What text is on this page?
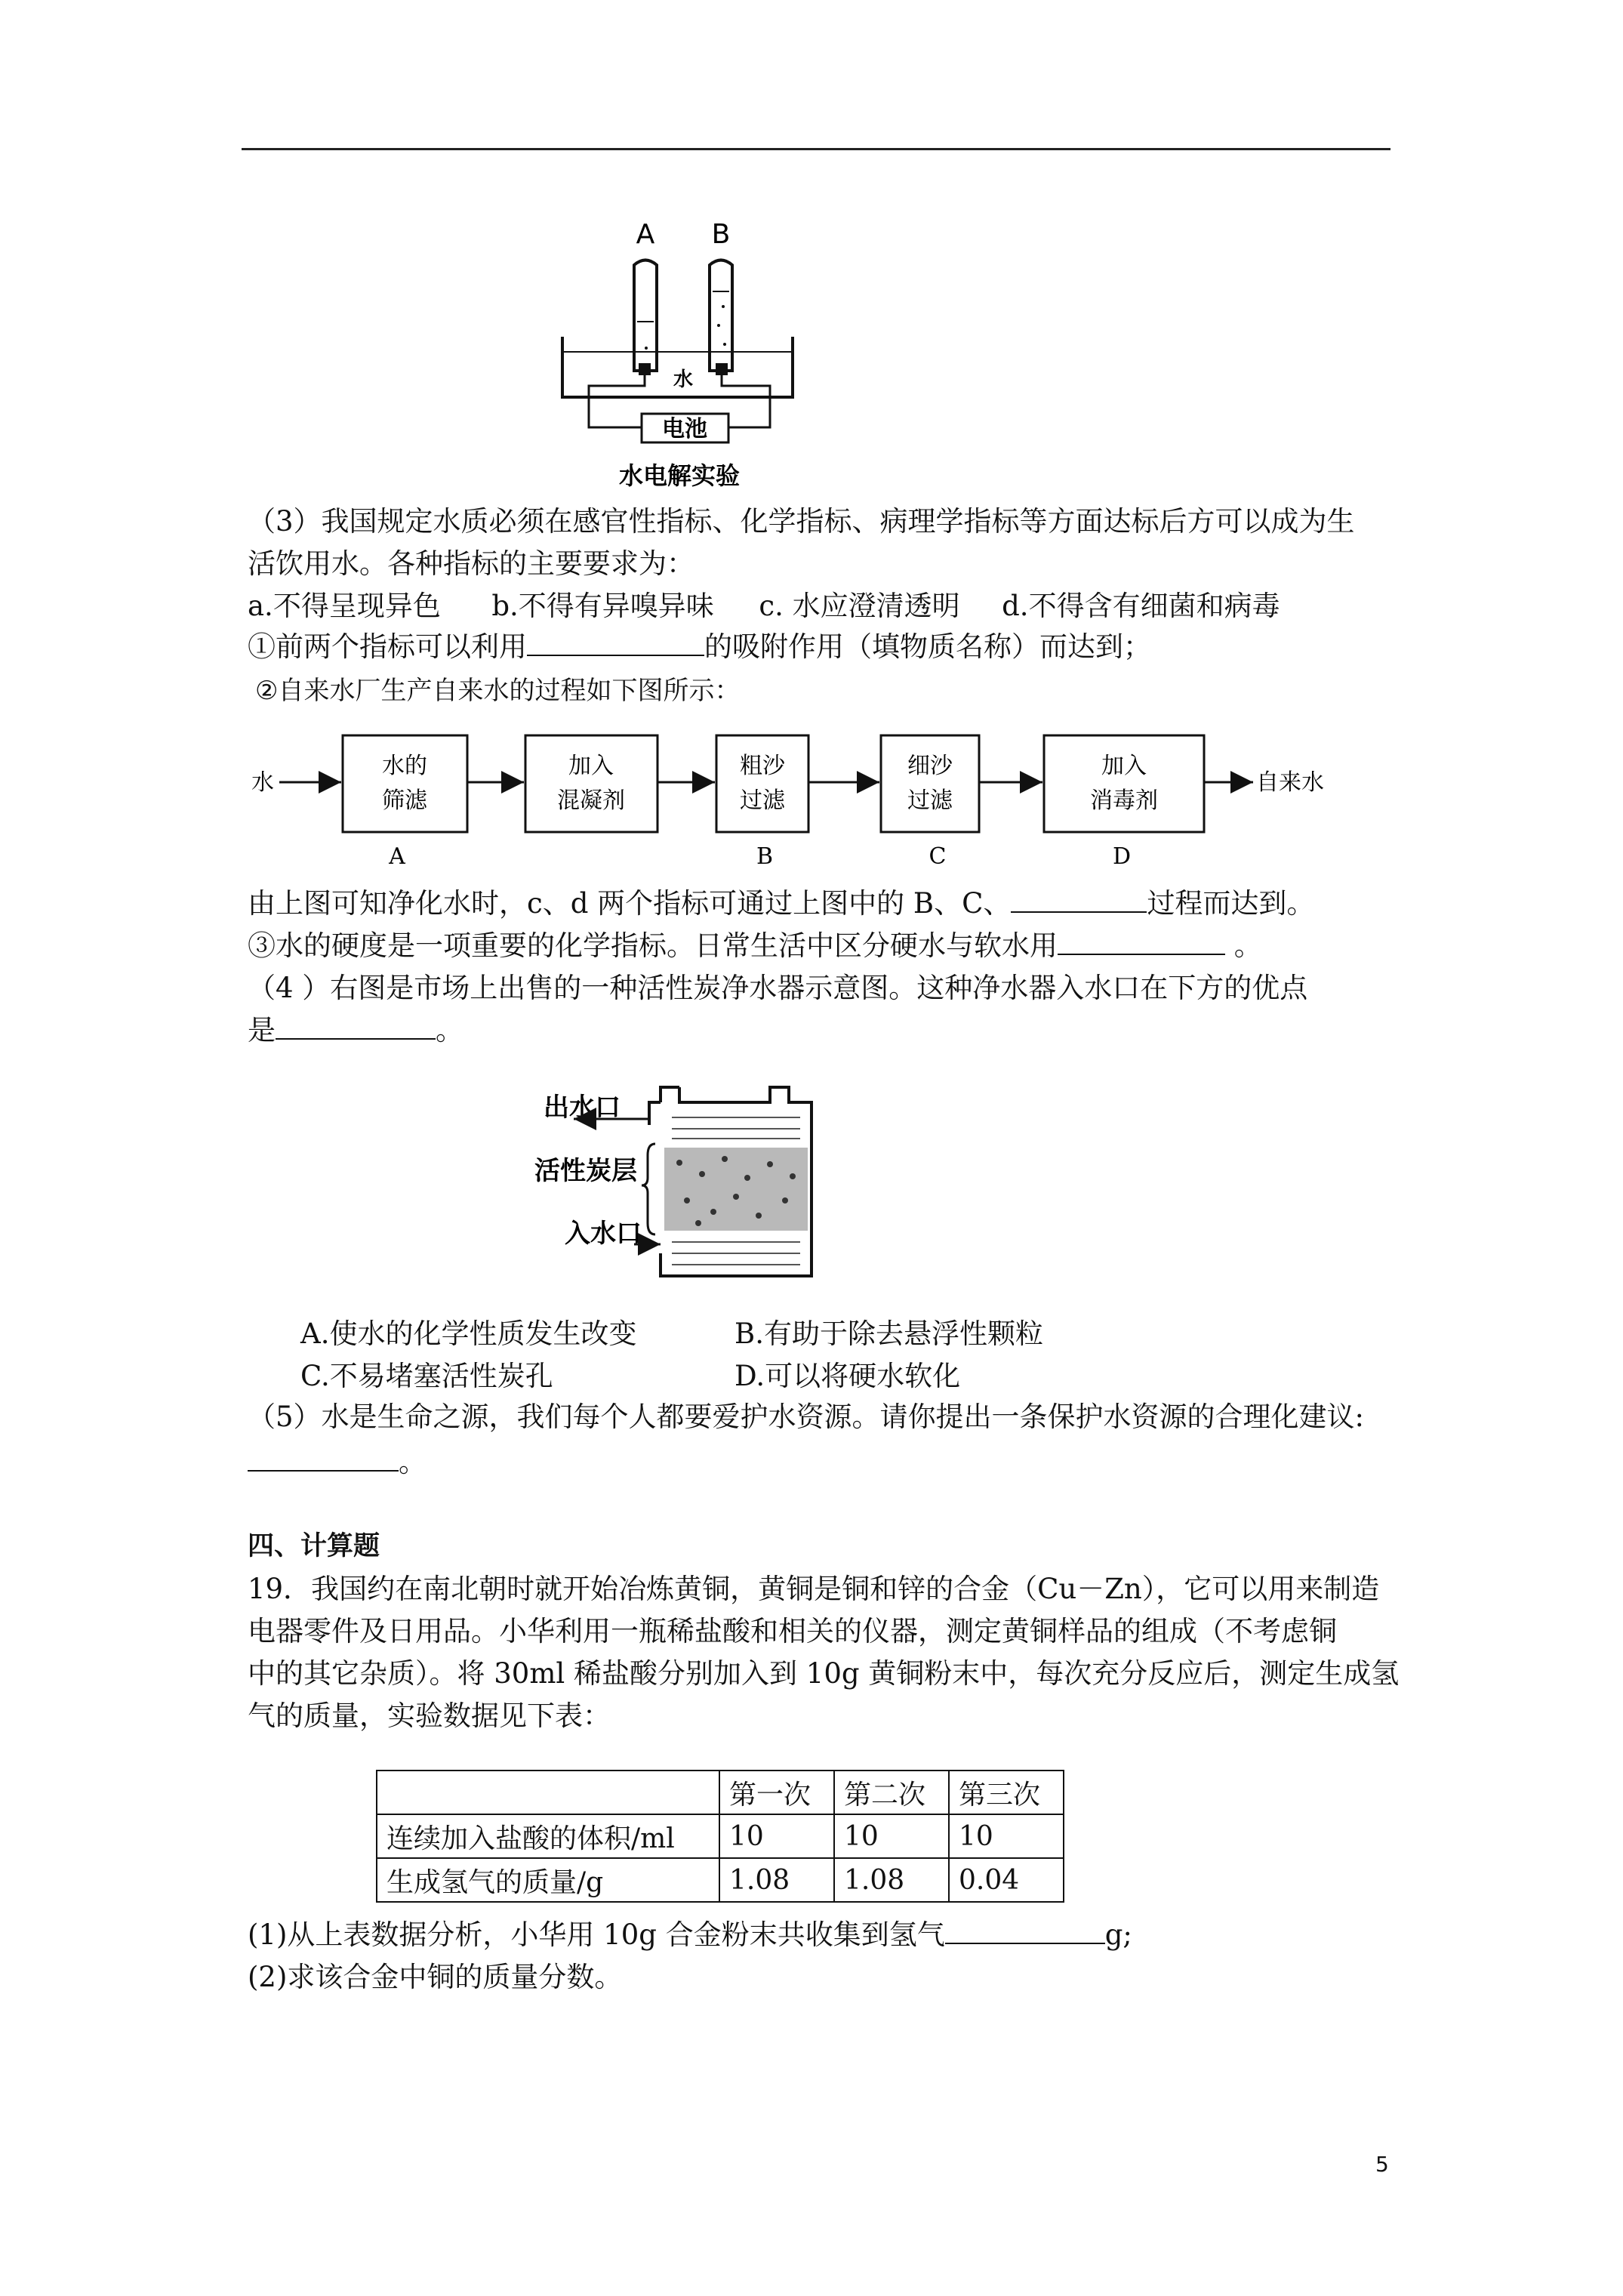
A B
水
电池
水电解实验
（3）我国规定水质必须在感官性指标、化学指标、病理学指标等方面达标后方可以成为生
活饮用水。各种指标的主要要求为：
a.不得呈现异色 b.不得有异嗅异味 c. 水应澄清透明 d.不得含有细菌和病毒
①前两个指标可以利用	的吸附作用（填物质名称）而达到；
②自来水厂生产自来水的过程如下图所示：
水
水的
筛滤
A
加入
混凝剂
粗沙
过滤
B
细沙
过滤
C
加入
消毒剂
D
自来水
由上图可知净化水时，c、d 两个指标可通过上图中的 B、C、	过程而达到。
③水的硬度是一项重要的化学指标。日常生活中区分硬水与软水用	。
（4 ）右图是市场上出售的一种活性炭净水器示意图。这种净水器入水口在下方的优点
是	。
出水口
活性炭层
入水口
A.使水的化学性质发生改变	B.有助于除去悬浮性颗粒
C.不易堵塞活性炭孔	D.可以将硬水软化
（5）水是生命之源，我们每个人都要爱护水资源。请你提出一条保护水资源的合理化建议:
。
四、计算题
19．我国约在南北朝时就开始冶炼黄铜，黄铜是铜和锌的合金（Cu－Zn），它可以用来制造
电器零件及日用品。小华利用一瓶稀盐酸和相关的仪器，测定黄铜样品的组成（不考虑铜
中的其它杂质）。将 30ml 稀盐酸分别加入到 10g 黄铜粉末中，每次充分反应后，测定生成氢
气的质量，实验数据见下表：
	第一次	第二次	第三次
连续加入盐酸的体积/ml	10	10	10
生成氢气的质量/g	1.08	1.08	0.04
(1)从上表数据分析，小华用 10g 合金粉末共收集到氢气	g;
(2)求该合金中铜的质量分数。
5
